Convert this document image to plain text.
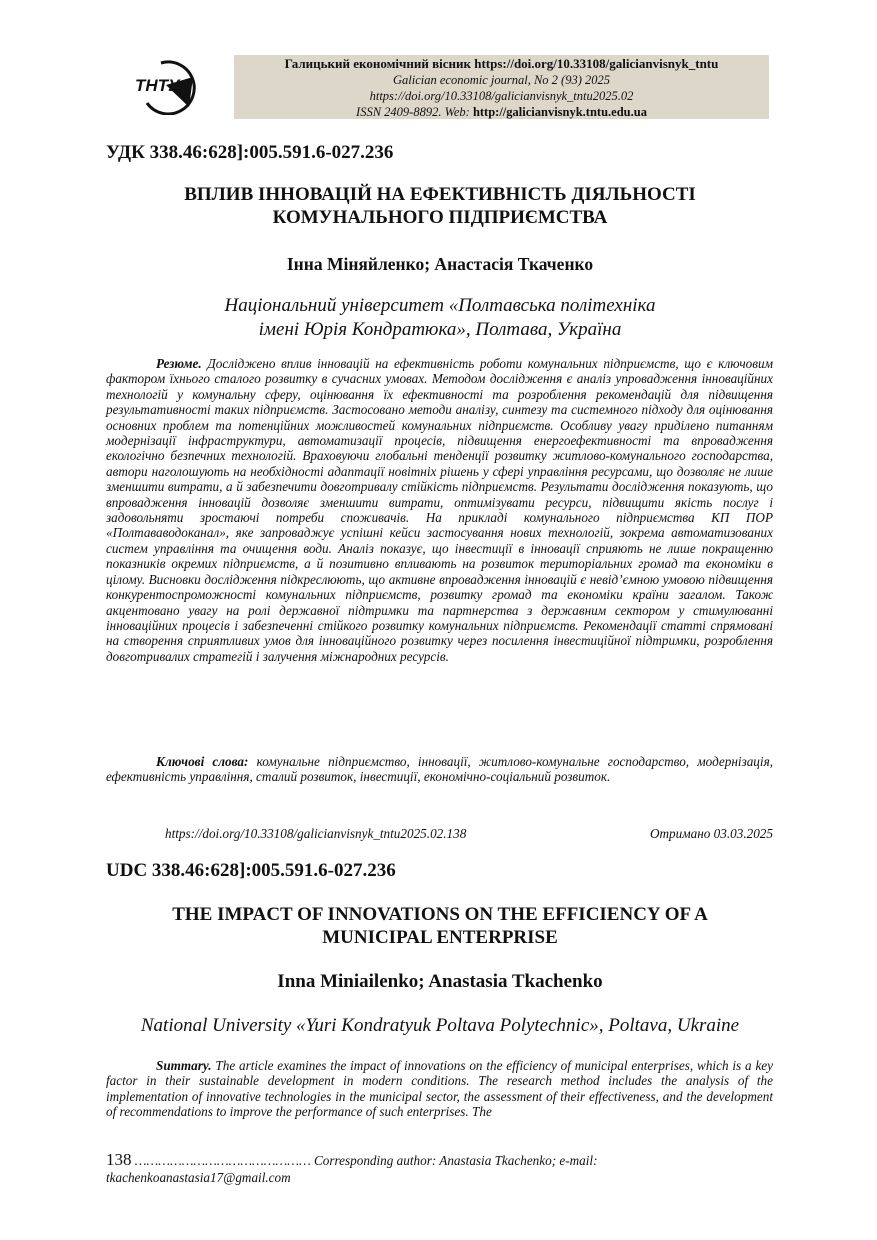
ТНТУ
Галицький економічний вісник https://doi.org/10.33108/galicianvisnyk_tntu
Galician economic journal, No 2 (93) 2025
https://doi.org/10.33108/galicianvisnyk_tntu2025.02
ISSN 2409-8892. Web: http://galicianvisnyk.tntu.edu.ua
УДК 338.46:628]:005.591.6-027.236
ВПЛИВ ІННОВАЦІЙ НА ЕФЕКТИВНІСТЬ ДІЯЛЬНОСТІ
КОМУНАЛЬНОГО ПІДПРИЄМСТВА
Інна Міняйленко; Анастасія Ткаченко
Національний університет «Полтавська політехніка
імені Юрія Кондратюка», Полтава, Україна

Резюме. Досліджено вплив інновацій на ефективність роботи комунальних підприємств, що є ключовим фактором їхнього сталого розвитку в сучасних умовах. Методом дослідження є аналіз упровадження інноваційних технологій у комунальну сферу, оцінювання їх ефективності та розроблення рекомендацій для підвищення результативності таких підприємств. Застосовано методи аналізу, синтезу та системного підходу для оцінювання основних проблем та потенційних можливостей комунальних підприємств. Особливу увагу приділено питанням модернізації інфраструктури, автоматизації процесів, підвищення енергоефективності та впровадження екологічно безпечних технологій. Враховуючи глобальні тенденції розвитку житлово-комунального господарства, автори наголошують на необхідності адаптації новітніх рішень у сфері управління ресурсами, що дозволяє не лише зменшити витрати, а й забезпечити довготривалу стійкість підприємств. Результати дослідження показують, що впровадження інновацій дозволяє зменшити витрати, оптимізувати ресурси, підвищити якість послуг і задовольняти зростаючі потреби споживачів. На прикладі комунального підприємства КП ПОР «Полтававодоканал», яке запроваджує успішні кейси застосування нових технологій, зокрема автоматизованих систем управління та очищення води. Аналіз показує, що інвестиції в інновації сприяють не лише покращенню показників окремих підприємств, а й позитивно впливають на розвиток територіальних громад та економіки в цілому. Висновки дослідження підкреслюють, що активне впровадження інновацій є невід’ємною умовою підвищення конкурентоспроможності комунальних підприємств, розвитку громад та економіки країни загалом. Також акцентовано увагу на ролі державної підтримки та партнерства з державним сектором у стимулюванні інноваційних процесів і забезпеченні стійкого розвитку комунальних підприємств. Рекомендації статті спрямовані на створення сприятливих умов для інноваційного розвитку через посилення інвестиційної підтримки, розроблення довготривалих стратегій і залучення міжнародних ресурсів.

Ключові слова: комунальне підприємство, інновації, житлово-комунальне господарство, модернізація, ефективність управління, сталий розвиток, інвестиції, економічно-соціальний розвиток.

https://doi.org/10.33108/galicianvisnyk_tntu2025.02.138	Отримано 03.03.2025
UDC 338.46:628]:005.591.6-027.236
THE IMPACT OF INNOVATIONS ON THE EFFICIENCY OF A
MUNICIPAL ENTERPRISE
Inna Miniailenko; Anastasia Tkachenko
National University «Yuri Kondratyuk Poltava Polytechnic», Poltava, Ukraine

Summary. The article examines the impact of innovations on the efficiency of municipal enterprises, which is a key factor in their sustainable development in modern conditions. The research method includes the analysis of the implementation of innovative technologies in the municipal sector, the assessment of their effectiveness, and the development of recommendations to improve the performance of such enterprises. The

138 ……………………………………… Corresponding author: Anastasia Tkachenko; e-mail: tkachenkoanastasia17@gmail.com
